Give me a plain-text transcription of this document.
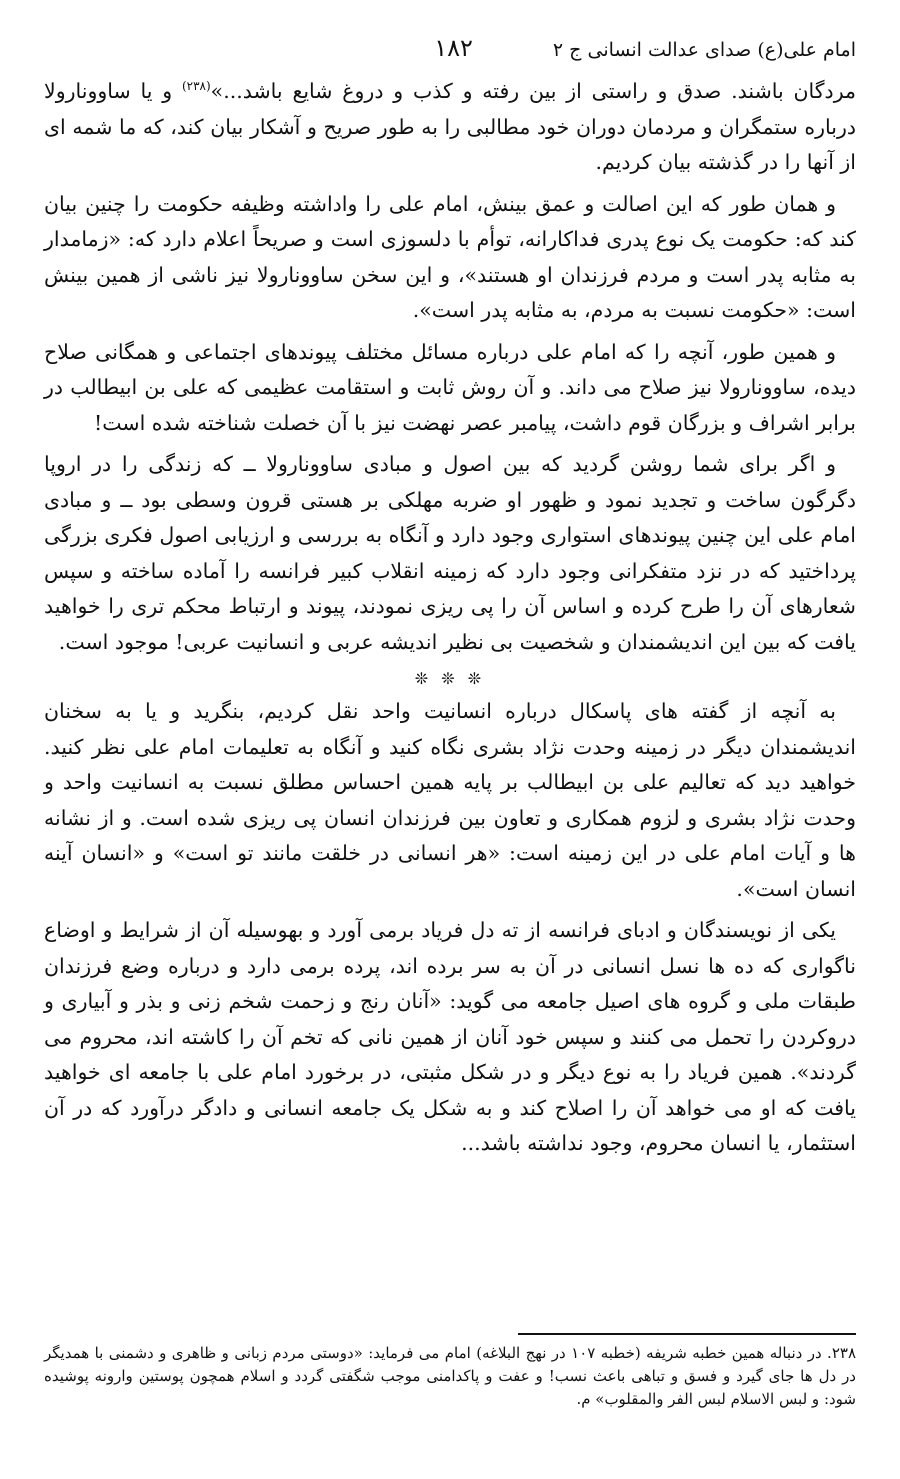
امام علی(ع) صدای عدالت انسانی ج ۲
۱۸۲

مردگان باشند. صدق و راستی از بین رفته و کذب و دروغ شایع باشد...»$^{(۲۳۸)}$ و یا ساوونارولا درباره ستمگران و مردمان دوران خود مطالبی را به طور صریح و آشکار بیان کند، که ما شمه ای از آنها را در گذشته بیان کردیم.

و همان طور که این اصالت و عمق بینش، امام علی را واداشته وظیفه حکومت را چنین بیان کند که: حکومت یک نوع پدری فداکارانه، توأم با دلسوزی است و صریحاً اعلام دارد که: «زمامدار به مثابه پدر است و مردم فرزندان او هستند»، و این سخن ساوونارولا نیز ناشی از همین بینش است: «حکومت نسبت به مردم، به مثابه پدر است».

و همین طور، آنچه را که امام علی درباره مسائل مختلف پیوندهای اجتماعی و همگانی صلاح دیده، ساوونارولا نیز صلاح می داند. و آن روش ثابت و استقامت عظیمی که علی بن ابیطالب در برابر اشراف و بزرگان قوم داشت، پیامبر عصر نهضت نیز با آن خصلت شناخته شده است!

و اگر برای شما روشن گردید که بین اصول و مبادی ساوونارولا ــ که زندگی را در اروپا دگرگون ساخت و تجدید نمود و ظهور او ضربه مهلکی بر هستی قرون وسطی بود ــ و مبادی امام علی این چنین پیوندهای استواری وجود دارد و آنگاه به بررسی و ارزیابی اصول فکری بزرگی پرداختید که در نزد متفکرانی وجود دارد که زمینه انقلاب کبیر فرانسه را آماده ساخته و سپس شعارهای آن را طرح کرده و اساس آن را پی ریزی نمودند، پیوند و ارتباط محکم تری را خواهید یافت که بین این اندیشمندان و شخصیت بی نظیر اندیشه عربی و انسانیت عربی! موجود است.

❊ ❊ ❊

به آنچه از گفته های پاسکال درباره انسانیت واحد نقل کردیم، بنگرید و یا به سخنان اندیشمندان دیگر در زمینه وحدت نژاد بشری نگاه کنید و آنگاه به تعلیمات امام علی نظر کنید. خواهید دید که تعالیم علی بن ابیطالب بر پایه همین احساس مطلق نسبت به انسانیت واحد و وحدت نژاد بشری و لزوم همکاری و تعاون بین فرزندان انسان پی ریزی شده است. و از نشانه ها و آیات امام علی در این زمینه است: «هر انسانی در خلقت مانند تو است» و «انسان آینه انسان است».

یکی از نویسندگان و ادبای فرانسه از ته دل فریاد برمی آورد و بهوسیله آن از شرایط و اوضاع ناگواری که ده ها نسل انسانی در آن به سر برده اند، پرده برمی دارد و درباره وضع فرزندان طبقات ملی و گروه های اصیل جامعه می گوید: «آنان رنج و زحمت شخم زنی و بذر و آبیاری و دروکردن را تحمل می کنند و سپس خود آنان از همین نانی که تخم آن را کاشته اند، محروم می گردند». همین فریاد را به نوع دیگر و در شکل مثبتی، در برخورد امام علی با جامعه ای خواهید یافت که او می خواهد آن را اصلاح کند و به شکل یک جامعه انسانی و دادگر درآورد که در آن استثمار، یا انسان محروم، وجود نداشته باشد...

۲۳۸. در دنباله همین خطبه شریفه (خطبه ۱۰۷ در نهج البلاغه) امام می فرماید: «دوستی مردم زبانی و ظاهری و دشمنی با همدیگر در دل ها جای گیرد و فسق و تباهی باعث نسب! و عفت و پاکدامنی موجب شگفتی گردد و اسلام همچون پوستین وارونه پوشیده شود: و لبس الاسلام لبس الفر والمقلوب» م.
